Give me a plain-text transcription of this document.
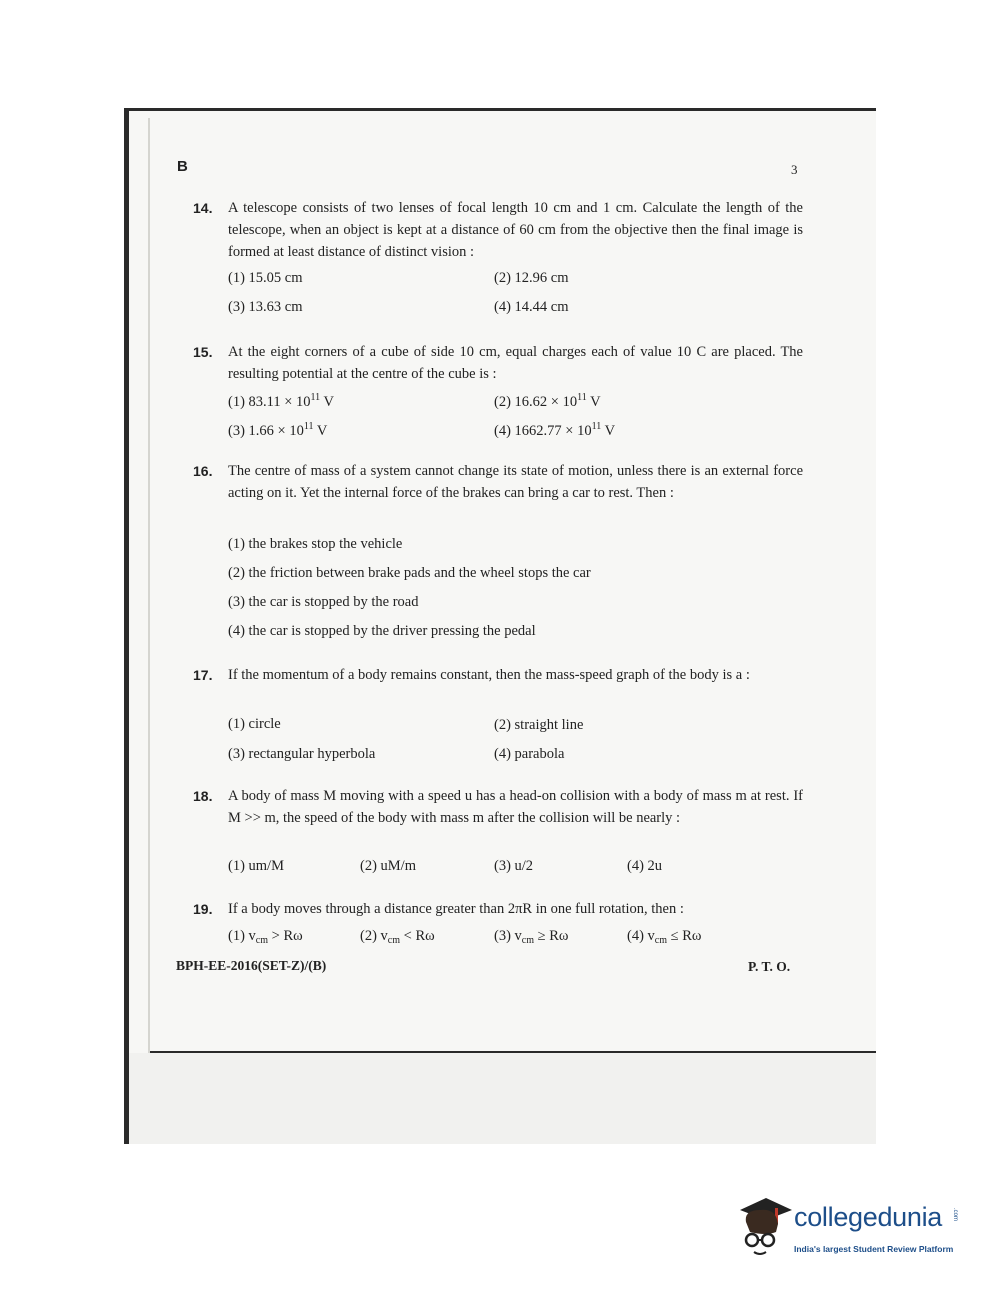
B	3
14. A telescope consists of two lenses of focal length 10 cm and 1 cm. Calculate the length of the telescope, when an object is kept at a distance of 60 cm from the objective then the final image is formed at least distance of distinct vision :
(1) 15.05 cm	(2) 12.96 cm
(3) 13.63 cm	(4) 14.44 cm
15. At the eight corners of a cube of side 10 cm, equal charges each of value 10 C are placed. The resulting potential at the centre of the cube is :
(1) $83.11 \times 10^{11}$ V	(2) $16.62 \times 10^{11}$ V
(3) $1.66 \times 10^{11}$ V	(4) $1662.77 \times 10^{11}$ V
16. The centre of mass of a system cannot change its state of motion, unless there is an external force acting on it. Yet the internal force of the brakes can bring a car to rest. Then :
(1) the brakes stop the vehicle
(2) the friction between brake pads and the wheel stops the car
(3) the car is stopped by the road
(4) the car is stopped by the driver pressing the pedal
17. If the momentum of a body remains constant, then the mass-speed graph of the body is a :
(1) circle	(2) straight line
(3) rectangular hyperbola	(4) parabola
18. A body of mass M moving with a speed u has a head-on collision with a body of mass m at rest. If M >> m, the speed of the body with mass m after the collision will be nearly :
(1) um/M	(2) uM/m	(3) u/2	(4) 2u
19. If a body moves through a distance greater than 2πR in one full rotation, then :
(1) $v_{cm} > R\omega$	(2) $v_{cm} < R\omega$	(3) $v_{cm} \ge R\omega$	(4) $v_{cm} \le R\omega$
BPH-EE-2016(SET-Z)/(B)	P. T. O.
collegedunia .com
India's largest Student Review Platform
